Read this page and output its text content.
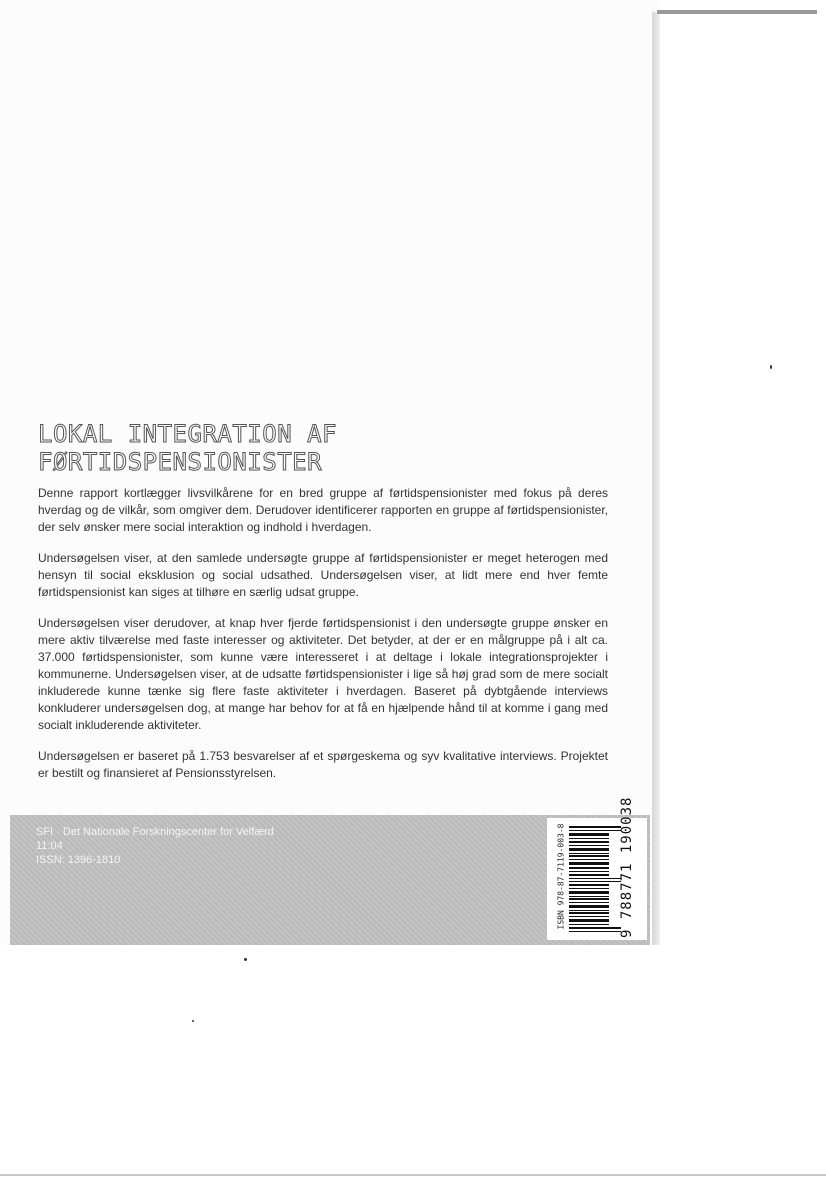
LOKAL INTEGRATION AF
FØRTIDSPENSIONISTER

Denne rapport kortlægger livsvilkårene for en bred gruppe af førtidspensionister med fokus på deres hverdag og de vilkår, som omgiver dem. Derudover identificerer rapporten en gruppe af førtidspensionister, der selv ønsker mere social interaktion og indhold i hverdagen.

Undersøgelsen viser, at den samlede undersøgte gruppe af førtidspensionister er meget heterogen med hensyn til social eksklusion og social udsathed. Undersøgelsen viser, at lidt mere end hver femte førtidspensionist kan siges at tilhøre en særlig udsat gruppe.

Undersøgelsen viser derudover, at knap hver fjerde førtidspensionist i den undersøgte gruppe ønsker en mere aktiv tilværelse med faste interesser og aktiviteter. Det betyder, at der er en målgruppe på i alt ca. 37.000 førtidspensionister, som kunne være interesseret i at deltage i lokale integrationsprojekter i kommunerne. Undersøgelsen viser, at de udsatte førtidspensionister i lige så høj grad som de mere socialt inkluderede kunne tænke sig flere faste aktiviteter i hverdagen. Baseret på dybtgående interviews konkluderer undersøgelsen dog, at mange har behov for at få en hjælpende hånd til at komme i gang med socialt inkluderende aktiviteter.

Undersøgelsen er baseret på 1.753 besvarelser af et spørgeskema og syv kvalitative interviews. Projektet er bestilt og finansieret af Pensionsstyrelsen.

SFI · Det Nationale Forskningscenter for Velfærd
11:04
ISSN: 1396-1810	ISBN 978-87-7119-003-8	9 788771 190038
